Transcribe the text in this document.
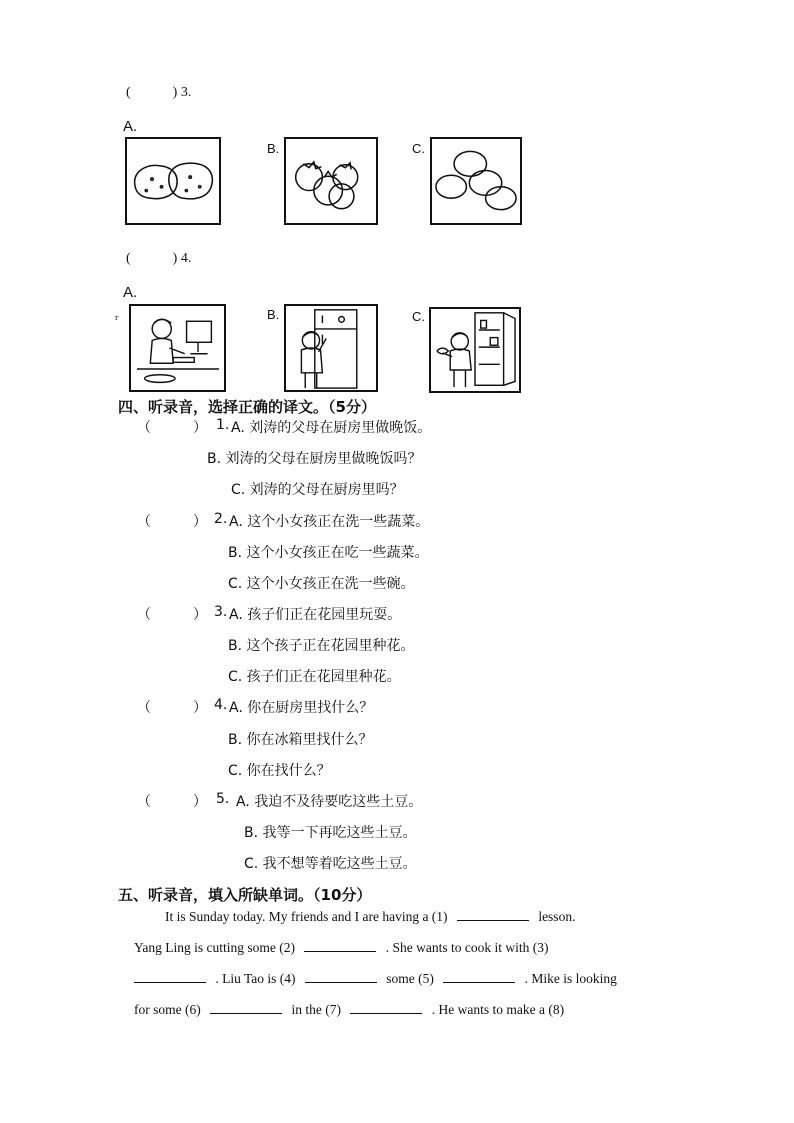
(　　　) 3.
A.
B.	C.
(　　　) 4.
A.
B.	C.
r
四、听录音，选择正确的译文。（5分）
（　　　） 1. A. 刘涛的父母在厨房里做晚饭。
B. 刘涛的父母在厨房里做晚饭吗？
C. 刘涛的父母在厨房里吗？
（　　　） 2. A. 这个小女孩正在洗一些蔬菜。
B. 这个小女孩正在吃一些蔬菜。
C. 这个小女孩正在洗一些碗。
（　　　） 3. A. 孩子们正在花园里玩耍。
B. 这个孩子正在花园里种花。
C. 孩子们正在花园里种花。
（　　　） 4. A. 你在厨房里找什么？
B. 你在冰箱里找什么？
C. 你在找什么？
（　　　） 5. A. 我迫不及待要吃这些土豆。
B. 我等一下再吃这些土豆。
C. 我不想等着吃这些土豆。
五、听录音，填入所缺单词。（10分）
It is Sunday today. My friends and I are having a (1)	lesson.
Yang Ling is cutting some (2)	. She wants to cook it with (3)
. Liu Tao is (4)	some (5)	. Mike is looking
for some (6)	in the (7)	. He wants to make a (8)
